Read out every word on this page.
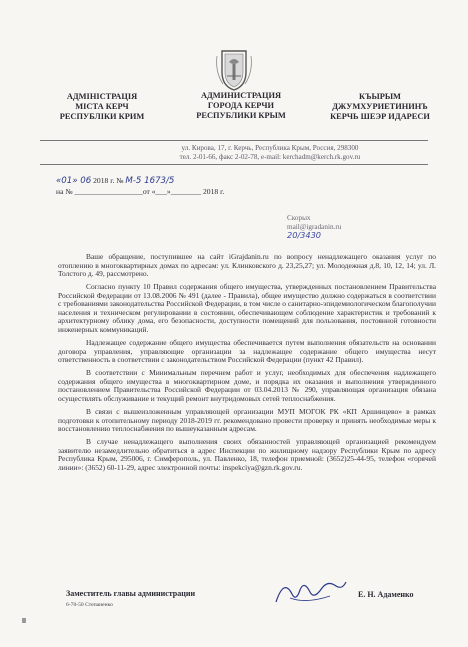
АДМІНІСТРАЦІЯ
МІСТА КЕРЧ
РЕСПУБЛІКИ КРИМ
АДМИНИСТРАЦИЯ
ГОРОДА КЕРЧИ
РЕСПУБЛИКИ КРЫМ
КЪЫРЫМ
ДЖУМХУРИЕТИНИНЪ
КЕРЧЬ ШЕЭР ИДАРЕСИ
ул. Кирова, 17, г. Керчь, Республика Крым, Россия, 298300
тел. 2-01-66, факс 2-02-78, e-mail: kerchadm@kerch.rk.gov.ru
«01» 06 2018 г. № М-5 1673/5
на № __________________от «___»________ 2018 г.
Скорых
mail@igradanin.ru
20/3430

Ваше обращение, поступившее на сайт iGrajdanin.ru по вопросу ненадлежащего оказания услуг по отоплению в многоквартирных домах по адресам: ул. Клинковского д. 23,25,27; ул. Молодежная д.8, 10, 12, 14; ул. Л. Толстого д. 49, рассмотрено.

Согласно пункту 10 Правил содержания общего имущества, утвержденных постановлением Правительства Российской Федерации от 13.08.2006 № 491 (далее - Правила), общее имущество должно содержаться в соответствии с требованиями законодательства Российской Федерации, в том числе о санитарно-эпидемиологическом благополучии населения и техническом регулировании в состоянии, обеспечивающем соблюдение характеристик и требований к архитектурному облику дома, его безопасности, доступности помещений для пользования, постоянной готовности инженерных коммуникаций.

Надлежащее содержание общего имущества обеспечивается путем выполнения обязательств на основании договора управления, управляющие организации за надлежащее содержание общего имущества несут ответственность в соответствии с законодательством Российской Федерации (пункт 42 Правил).

В соответствии с Минимальным перечнем работ и услуг, необходимых для обеспечения надлежащего содержания общего имущества в многоквартирном доме, и порядка их оказания и выполнения утвержденного постановлением Правительства Российской Федерации от 03.04.2013 № 290, управляющая организация обязана осуществлять обслуживание и текущий ремонт внутридомовых сетей теплоснабжения.

В связи с вышеизложенным управляющей организации МУП МОГОК РК «КП Аршинцево» в рамках подготовки к отопительному периоду 2018-2019 гг. рекомендовано провести проверку и принять необходимые меры к восстановлению теплоснабжения по вышеуказанным адресам.

В случае ненадлежащего выполнения своих обязанностей управляющей организацией рекомендуем заявителю незамедлительно обратиться в адрес Инспекции по жилищному надзору Республики Крым по адресу Республика Крым, 295006, г. Симферополь, ул. Павленко, 18, телефон приемной: (3652)25-44-95, телефон «горячей линии»: (3652) 60-11-29, адрес электронной почты: inspekciya@gzn.rk.gov.ru.

Заместитель главы администрации	Е. Н. Адаменко
6-70-50 Степаненко
